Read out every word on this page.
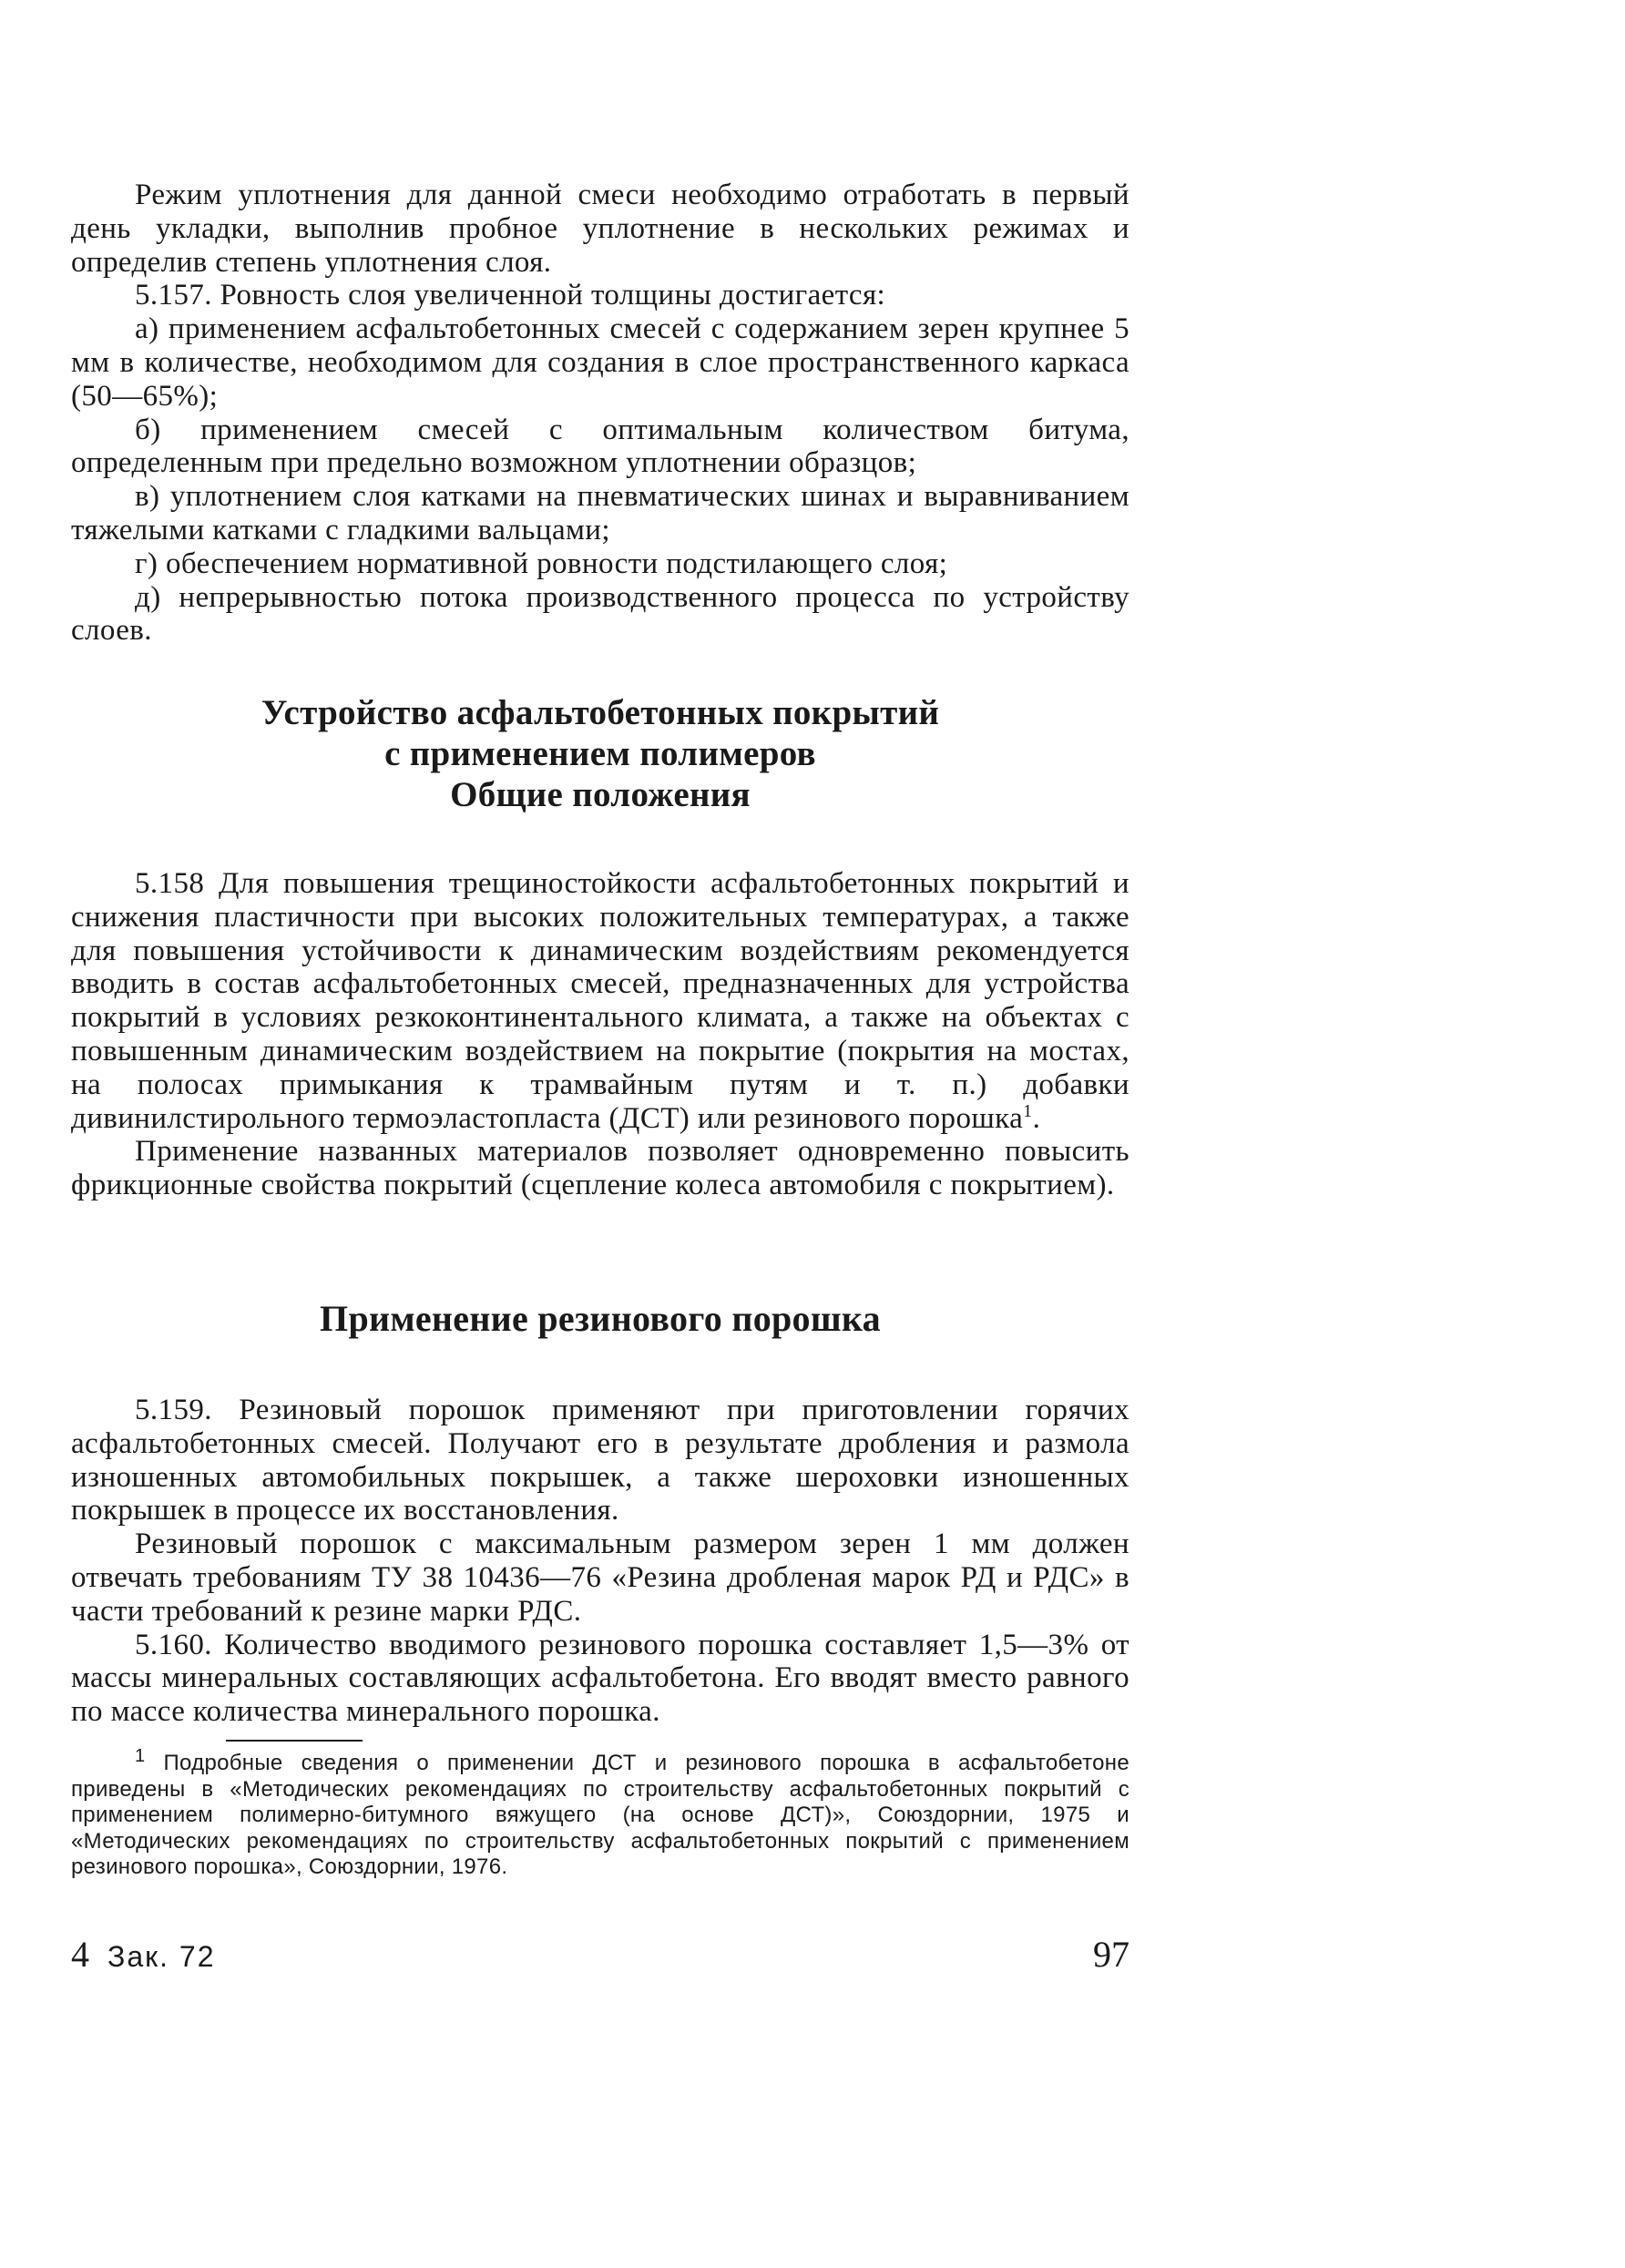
Режим уплотнения для данной смеси необходимо отработать в первый день укладки, выполнив пробное уплотнение в нескольких режимах и определив степень уплотнения слоя.

5.157. Ровность слоя увеличенной толщины достигается:

а) применением асфальтобетонных смесей с содержанием зерен крупнее 5 мм в количестве, необходимом для создания в слое пространственного каркаса (50—65%);

б) применением смесей с оптимальным количеством битума, определенным при предельно возможном уплотнении образцов;

в) уплотнением слоя катками на пневматических шинах и выравниванием тяжелыми катками с гладкими вальцами;

г) обеспечением нормативной ровности подстилающего слоя;

д) непрерывностью потока производственного процесса по устройству слоев.

Устройство асфальтобетонных покрытий

с применением полимеров

Общие положения

5.158 Для повышения трещиностойкости асфальтобетонных покрытий и снижения пластичности при высоких положительных температурах, а также для повышения устойчивости к динамическим воздействиям рекомендуется вводить в состав асфальтобетонных смесей, предназначенных для устройства покрытий в условиях резкоконтинентального климата, а также на объектах с повышенным динамическим воздействием на покрытие (покрытия на мостах, на полосах примыкания к трамвайным путям и т. п.) добавки дивинилстирольного термоэластопласта (ДСТ) или резинового порошка$^1$.

Применение названных материалов позволяет одновременно повысить фрикционные свойства покрытий (сцепление колеса автомобиля с покрытием).

Применение резинового порошка

5.159. Резиновый порошок применяют при приготовлении горячих асфальтобетонных смесей. Получают его в результате дробления и размола изношенных автомобильных покрышек, а также шероховки изношенных покрышек в процессе их восстановления.

Резиновый порошок с максимальным размером зерен 1 мм должен отвечать требованиям ТУ 38 10436—76 «Резина дробленая марок РД и РДС» в части требований к резине марки РДС.

5.160. Количество вводимого резинового порошка составляет 1,5—3% от массы минеральных составляющих асфальтобетона. Его вводят вместо равного по массе количества минерального порошка.

$^1$ Подробные сведения о применении ДСТ и резинового порошка в асфальтобетоне приведены в «Методических рекомендациях по строительству асфальтобетонных покрытий с применением полимерно-битумного вяжущего (на основе ДСТ)», Союздорнии, 1975 и «Методических рекомендациях по строительству асфальтобетонных покрытий с применением резинового порошка», Союздорнии, 1976.

4 Зак. 72	97
